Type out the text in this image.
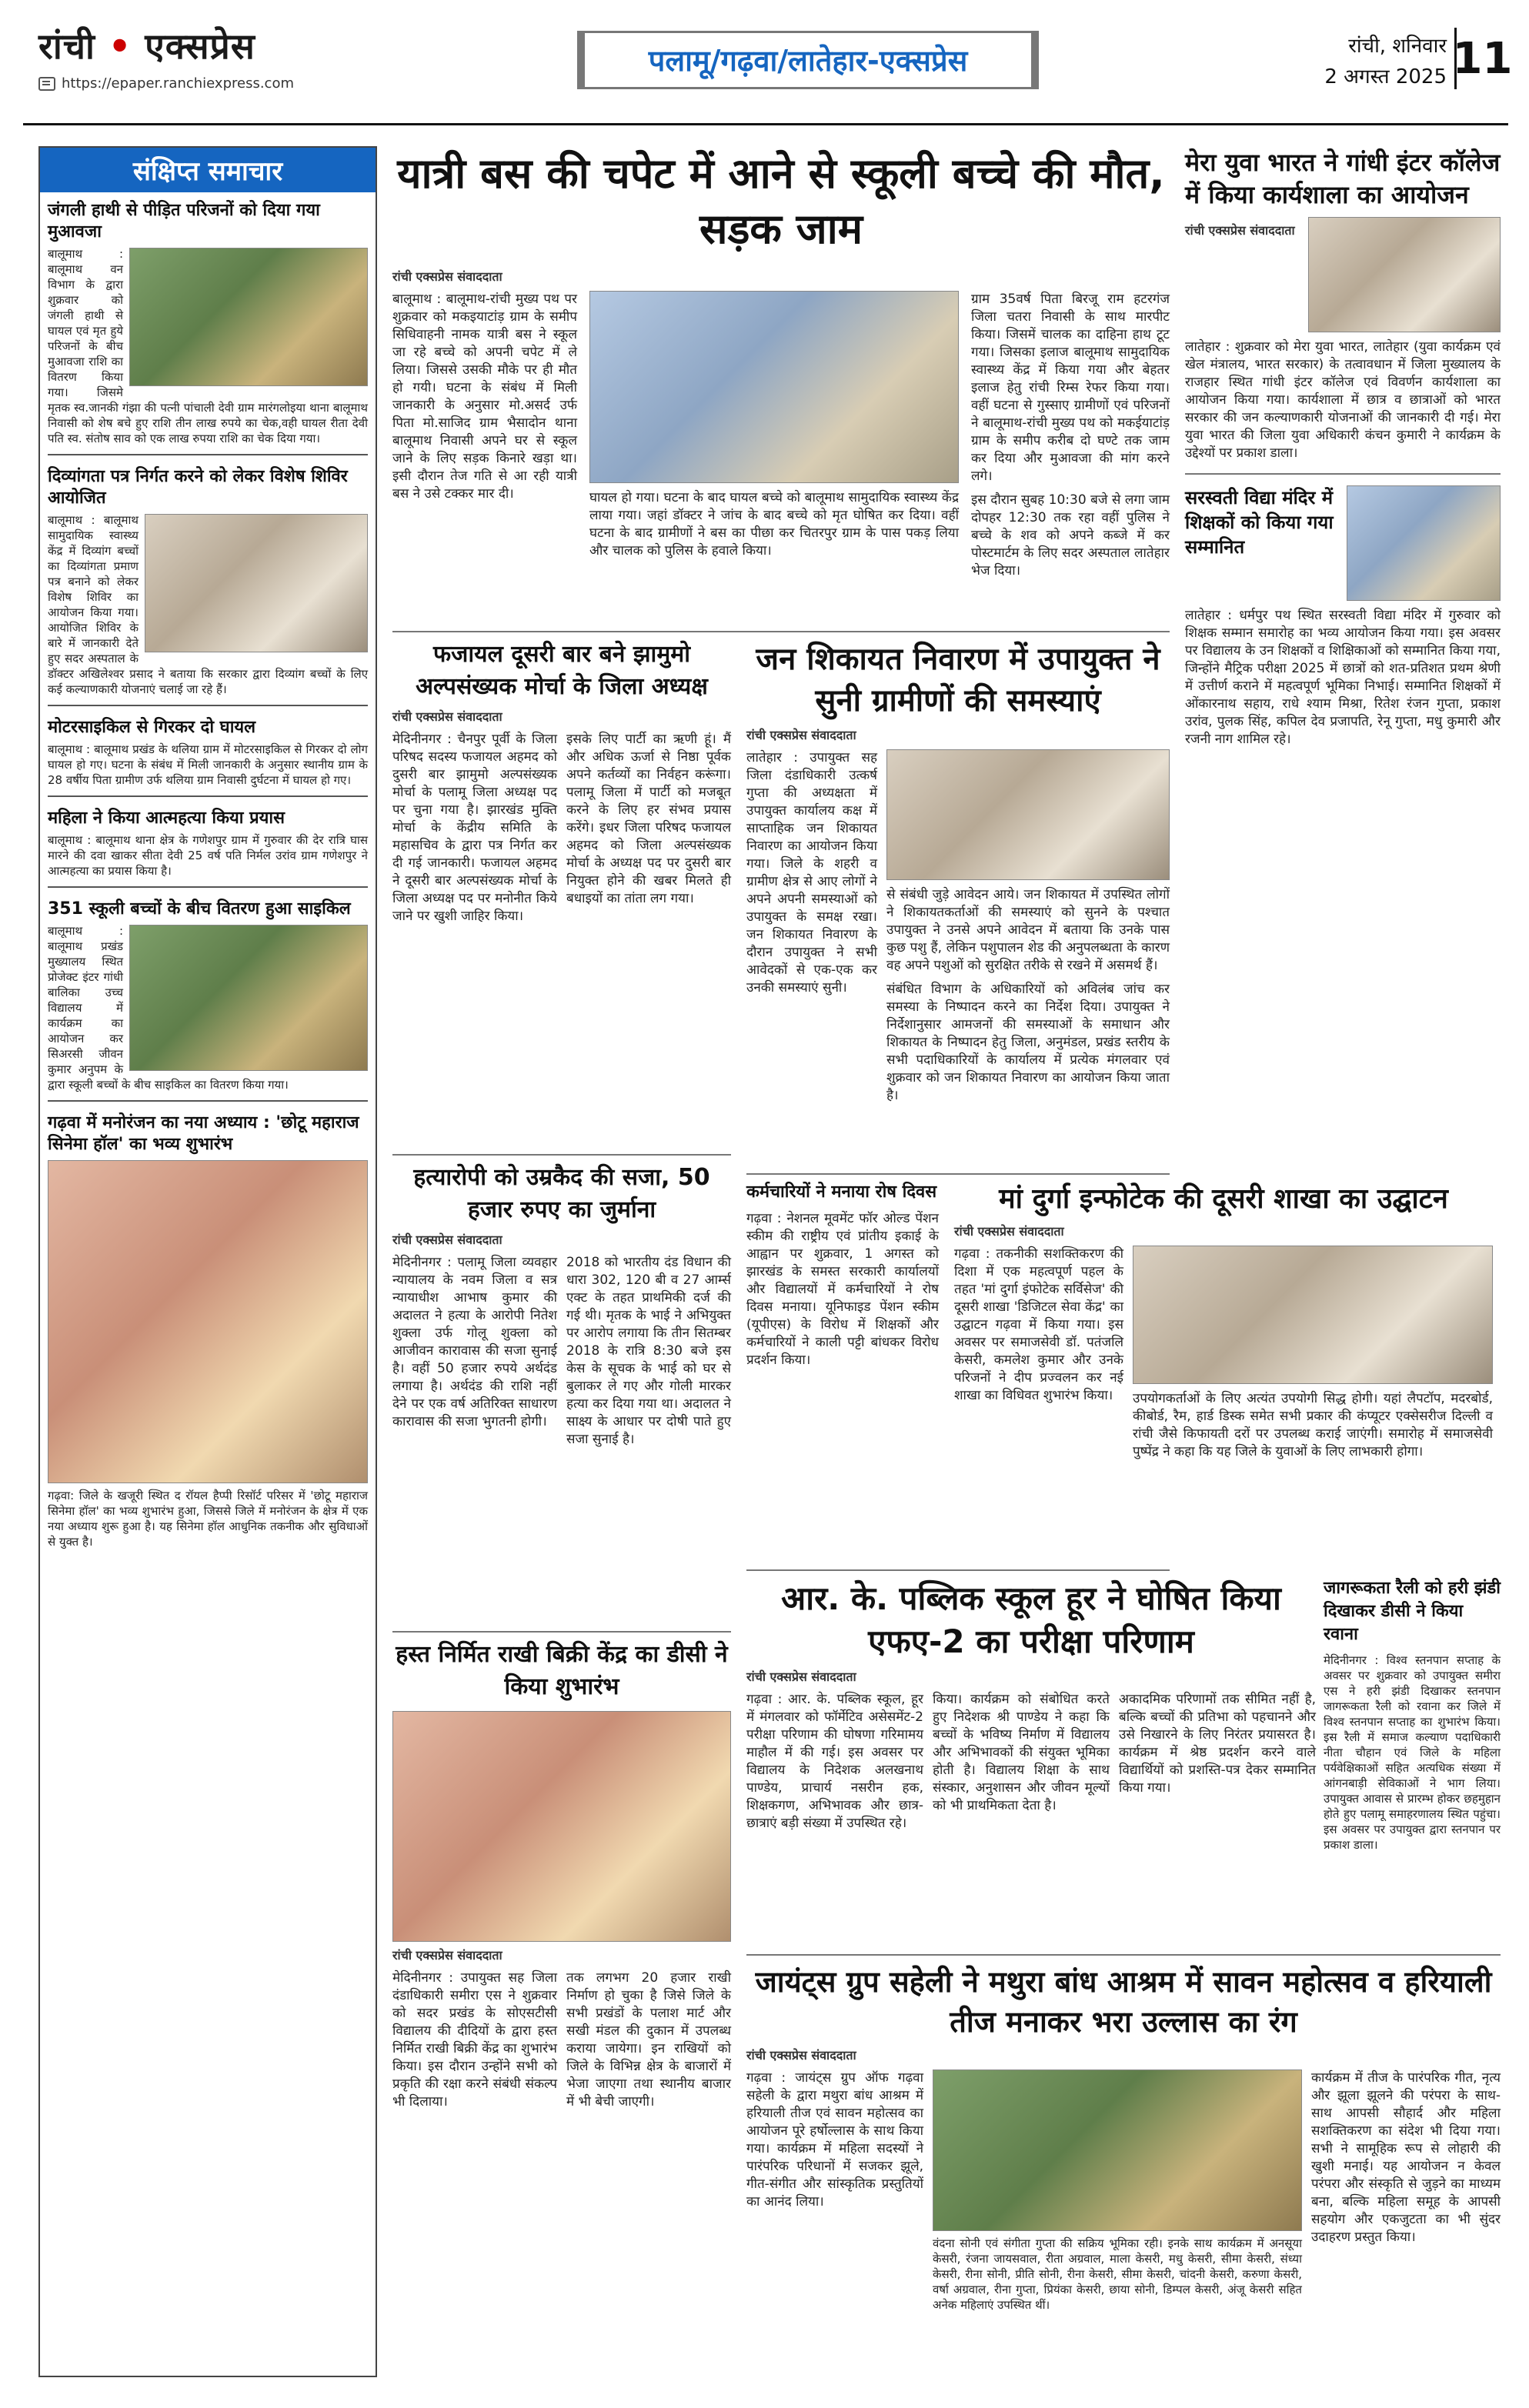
रांची • एक्सप्रेस
https://epaper.ranchiexpress.com
पलामू/गढ़वा/लातेहार-एक्सप्रेस	रांची, शनिवार
2 अगस्त 2025 11
संक्षिप्त समाचार
जंगली हाथी से पीड़ित परिजनों को दिया गया मुआवजा
बालूमाथ : बालूमाथ वन विभाग के द्वारा शुक्रवार को जंगली हाथी से घायल एवं मृत हुये परिजनों के बीच मुआवजा राशि का वितरण किया गया। जिसमे मृतक स्व.जानकी गंझा की पत्नी पांचाली देवी ग्राम मारंगलोइया थाना बालूमाथ निवासी को शेष बचे हुए राशि तीन लाख रुपये का चेक,वही घायल रीता देवी पति स्व. संतोष साव को एक लाख रुपया राशि का चेक दिया गया।
दिव्यांगता पत्र निर्गत करने को लेकर विशेष शिविर आयोजित
बालूमाथ : बालूमाथ सामुदायिक स्वास्थ्य केंद्र में दिव्यांग बच्चों का दिव्यांगता प्रमाण पत्र बनाने को लेकर विशेष शिविर का आयोजन किया गया। आयोजित शिविर के बारे में जानकारी देते हुए सदर अस्पताल के डॉक्टर अखिलेश्वर प्रसाद ने बताया कि सरकार द्वारा दिव्यांग बच्चों के लिए कई कल्याणकारी योजनाएं चलाई जा रहे हैं।
मोटरसाइकिल से गिरकर दो घायल
बालूमाथ : बालूमाथ प्रखंड के थलिया ग्राम में मोटरसाइकिल से गिरकर दो लोग घायल हो गए। घटना के संबंध में मिली जानकारी के अनुसार स्थानीय ग्राम के 28 वर्षीय पिता ग्रामीण उर्फ थलिया ग्राम निवासी दुर्घटना में घायल हो गए।
महिला ने किया आत्महत्या किया प्रयास
बालूमाथ : बालूमाथ थाना क्षेत्र के गणेशपुर ग्राम में गुरुवार की देर रात्रि घास मारने की दवा खाकर सीता देवी 25 वर्ष पति निर्मल उरांव ग्राम गणेशपुर ने आत्महत्या का प्रयास किया है।
351 स्कूली बच्चों के बीच वितरण हुआ साइकिल
बालूमाथ : बालूमाथ प्रखंड मुख्यालय स्थित प्रोजेक्ट इंटर गांधी बालिका उच्च विद्यालय में कार्यक्रम का आयोजन कर सिअरसी जीवन कुमार अनुपम के द्वारा स्कूली बच्चों के बीच साइकिल का वितरण किया गया।
गढ़वा में मनोरंजन का नया अध्याय : 'छोटू महाराज सिनेमा हॉल' का भव्य शुभारंभ
गढ़वा: जिले के खजूरी स्थित द रॉयल हैप्पी रिसॉर्ट परिसर में 'छोटू महाराज सिनेमा हॉल' का भव्य शुभारंभ हुआ, जिससे जिले में मनोरंजन के क्षेत्र में एक नया अध्याय शुरू हुआ है। यह सिनेमा हॉल आधुनिक तकनीक और सुविधाओं से युक्त है।
यात्री बस की चपेट में आने से स्कूली बच्चे की मौत, सड़क जाम
रांची एक्सप्रेस संवाददाता
बालूमाथ : बालूमाथ-रांची मुख्य पथ पर शुक्रवार को मकइयाटांड़ ग्राम के समीप सिधिवाहनी नामक यात्री बस ने स्कूल जा रहे बच्चे को अपनी चपेट में ले लिया। जिससे उसकी मौके पर ही मौत हो गयी। घटना के संबंध में मिली जानकारी के अनुसार मो.असर्द उर्फ पिता मो.साजिद ग्राम भैसादोन थाना बालूमाथ निवासी अपने घर से स्कूल जाने के लिए सड़क किनारे खड़ा था। इसी दौरान तेज गति से आ रही यात्री बस ने उसे टक्कर मार दी।	घायल हो गया। घटना के बाद घायल बच्चे को बालूमाथ सामुदायिक स्वास्थ्य केंद्र लाया गया। जहां डॉक्टर ने जांच के बाद बच्चे को मृत घोषित कर दिया। वहीं घटना के बाद ग्रामीणों ने बस का पीछा कर चितरपुर ग्राम के पास पकड़ लिया और चालक को पुलिस के हवाले किया।
ग्राम 35वर्ष पिता बिरजू राम हटरगंज जिला चतरा निवासी के साथ मारपीट किया। जिसमें चालक का दाहिना हाथ टूट गया। जिसका इलाज बालूमाथ सामुदायिक स्वास्थ्य केंद्र में किया गया और बेहतर इलाज हेतु रांची रिम्स रेफर किया गया। वहीं घटना से गुस्साए ग्रामीणों एवं परिजनों ने बालूमाथ-रांची मुख्य पथ को मकईयाटांड़ ग्राम के समीप करीब दो घण्टे तक जाम कर दिया और मुआवजा की मांग करने लगे।
इस दौरान सुबह 10:30 बजे से लगा जाम दोपहर 12:30 तक रहा वहीं पुलिस ने बच्चे के शव को अपने कब्जे में कर पोस्टमार्टम के लिए सदर अस्पताल लातेहार भेज दिया।
फजायल दूसरी बार बने झामुमो अल्पसंख्यक मोर्चा के जिला अध्यक्ष
रांची एक्सप्रेस संवाददाता
मेदिनीनगर : चैनपुर पूर्वी के जिला परिषद सदस्य फजायल अहमद को दुसरी बार झामुमो अल्पसंख्यक मोर्चा के पलामू जिला अध्यक्ष पद पर चुना गया है। झारखंड मुक्ति मोर्चा के केंद्रीय समिति के महासचिव के द्वारा पत्र निर्गत कर दी गई जानकारी। फजायल अहमद ने दूसरी बार अल्पसंख्यक मोर्चा के जिला अध्यक्ष पद पर मनोनीत किये जाने पर खुशी जाहिर किया।
इसके लिए पार्टी का ऋणी हूं। मैं और अधिक ऊर्जा से निष्ठा पूर्वक अपने कर्तव्यों का निर्वहन करूंगा। पलामू जिला में पार्टी को मजबूत करने के लिए हर संभव प्रयास करेंगे। इधर जिला परिषद फजायल अहमद को जिला अल्पसंख्यक मोर्चा के अध्यक्ष पद पर दुसरी बार नियुक्त होने की खबर मिलते ही बधाइयों का तांता लग गया।
जन शिकायत निवारण में उपायुक्त ने सुनी ग्रामीणों की समस्याएं
रांची एक्सप्रेस संवाददाता
लातेहार : उपायुक्त सह जिला दंडाधिकारी उत्कर्ष गुप्ता की अध्यक्षता में उपायुक्त कार्यालय कक्ष में साप्ताहिक जन शिकायत निवारण का आयोजन किया गया। जिले के शहरी व ग्रामीण क्षेत्र से आए लोगों ने अपने अपनी समस्याओं को उपायुक्त के समक्ष रखा। जन शिकायत निवारण के दौरान उपायुक्त ने सभी आवेदकों से एक-एक कर उनकी समस्याएं सुनी।
से संबंधी जुड़े आवेदन आये। जन शिकायत में उपस्थित लोगों ने शिकायतकर्ताओं की समस्याएं को सुनने के पश्चात उपायुक्त ने उनसे अपने आवेदन में बताया कि उनके पास कुछ पशु हैं, लेकिन पशुपालन शेड की अनुपलब्धता के कारण वह अपने पशुओं को सुरक्षित तरीके से रखने में असमर्थ हैं।
संबंधित विभाग के अधिकारियों को अविलंब जांच कर समस्या के निष्पादन करने का निर्देश दिया। उपायुक्त ने निर्देशानुसार आमजनों की समस्याओं के समाधान और शिकायत के निष्पादन हेतु जिला, अनुमंडल, प्रखंड स्तरीय के सभी पदाधिकारियों के कार्यालय में प्रत्येक मंगलवार एवं शुक्रवार को जन शिकायत निवारण का आयोजन किया जाता है।
हत्यारोपी को उम्रकैद की सजा, 50 हजार रुपए का जुर्माना
रांची एक्सप्रेस संवाददाता
मेदिनीनगर : पलामू जिला व्यवहार न्यायालय के नवम जिला व सत्र न्यायाधीश आभाष कुमार की अदालत ने हत्या के आरोपी नितेश शुक्ला उर्फ गोलू शुक्ला को आजीवन कारावास की सजा सुनाई है। वहीं 50 हजार रुपये अर्थदंड लगाया है। अर्थदंड की राशि नहीं देने पर एक वर्ष अतिरिक्त साधारण कारावास की सजा भुगतनी होगी।
2018 को भारतीय दंड विधान की धारा 302, 120 बी व 27 आर्म्स एक्ट के तहत प्राथमिकी दर्ज की गई थी। मृतक के भाई ने अभियुक्त पर आरोप लगाया कि तीन सितम्बर 2018 के रात्रि 8:30 बजे इस केस के सूचक के भाई को घर से बुलाकर ले गए और गोली मारकर हत्या कर दिया गया था। अदालत ने साक्ष्य के आधार पर दोषी पाते हुए सजा सुनाई है।
कर्मचारियों ने मनाया रोष दिवस
गढ़वा : नेशनल मूवमेंट फॉर ओल्ड पेंशन स्कीम की राष्ट्रीय एवं प्रांतीय इकाई के आह्वान पर शुक्रवार, 1 अगस्त को झारखंड के समस्त सरकारी कार्यालयों और विद्यालयों में कर्मचारियों ने रोष दिवस मनाया। यूनिफाइड पेंशन स्कीम (यूपीएस) के विरोध में शिक्षकों और कर्मचारियों ने काली पट्टी बांधकर विरोध प्रदर्शन किया।
मां दुर्गा इन्फोटेक की दूसरी शाखा का उद्घाटन
रांची एक्सप्रेस संवाददाता
गढ़वा : तकनीकी सशक्तिकरण की दिशा में एक महत्वपूर्ण पहल के तहत 'मां दुर्गा इंफोटेक सर्विसेज' की दूसरी शाखा 'डिजिटल सेवा केंद्र' का उद्घाटन गढ़वा में किया गया। इस अवसर पर समाजसेवी डॉ. पतंजलि केसरी, कमलेश कुमार और उनके परिजनों ने दीप प्रज्वलन कर नई शाखा का विधिवत शुभारंभ किया।	उपयोगकर्ताओं के लिए अत्यंत उपयोगी सिद्ध होगी। यहां लैपटॉप, मदरबोर्ड, कीबोर्ड, रैम, हार्ड डिस्क समेत सभी प्रकार की कंप्यूटर एक्सेसरीज दिल्ली व रांची जैसे किफायती दरों पर उपलब्ध कराई जाएंगी। समारोह में समाजसेवी पुष्पेंद्र ने कहा कि यह जिले के युवाओं के लिए लाभकारी होगा।
हस्त निर्मित राखी बिक्री केंद्र का डीसी ने किया शुभारंभ
रांची एक्सप्रेस संवाददाता
मेदिनीनगर : उपायुक्त सह जिला दंडाधिकारी समीरा एस ने शुक्रवार को सदर प्रखंड के सोएसटीसी विद्यालय की दीदियों के द्वारा हस्त निर्मित राखी बिक्री केंद्र का शुभारंभ किया। इस दौरान उन्होंने सभी को प्रकृति की रक्षा करने संबंधी संकल्प भी दिलाया।
तक लगभग 20 हजार राखी निर्माण हो चुका है जिसे जिले के सभी प्रखंडों के पलाश मार्ट और सखी मंडल की दुकान में उपलब्ध कराया जायेगा। इन राखियों को जिले के विभिन्न क्षेत्र के बाजारों में भेजा जाएगा तथा स्थानीय बाजार में भी बेची जाएगी।
आर. के. पब्लिक स्कूल हूर ने घोषित किया एफए-2 का परीक्षा परिणाम
रांची एक्सप्रेस संवाददाता
गढ़वा : आर. के. पब्लिक स्कूल, हूर में मंगलवार को फॉर्मेटिव असेसमेंट-2 परीक्षा परिणाम की घोषणा गरिमामय माहौल में की गई। इस अवसर पर विद्यालय के निदेशक अलखनाथ पाण्डेय, प्राचार्य नसरीन हक, शिक्षकगण, अभिभावक और छात्र-छात्राएं बड़ी संख्या में उपस्थित रहे।
किया। कार्यक्रम को संबोधित करते हुए निदेशक श्री पाण्डेय ने कहा कि बच्चों के भविष्य निर्माण में विद्यालय और अभिभावकों की संयुक्त भूमिका होती है। विद्यालय शिक्षा के साथ संस्कार, अनुशासन और जीवन मूल्यों को भी प्राथमिकता देता है।
अकादमिक परिणामों तक सीमित नहीं है, बल्कि बच्चों की प्रतिभा को पहचानने और उसे निखारने के लिए निरंतर प्रयासरत है। कार्यक्रम में श्रेष्ठ प्रदर्शन करने वाले विद्यार्थियों को प्रशस्ति-पत्र देकर सम्मानित किया गया।
जायंट्स ग्रुप सहेली ने मथुरा बांध आश्रम में सावन महोत्सव व हरियाली तीज मनाकर भरा उल्लास का रंग
रांची एक्सप्रेस संवाददाता
गढ़वा : जायंट्स ग्रुप ऑफ गढ़वा सहेली के द्वारा मथुरा बांध आश्रम में हरियाली तीज एवं सावन महोत्सव का आयोजन पूरे हर्षोल्लास के साथ किया गया। कार्यक्रम में महिला सदस्यों ने पारंपरिक परिधानों में सजकर झूले, गीत-संगीत और सांस्कृतिक प्रस्तुतियों का आनंद लिया।
वंदना सोनी एवं संगीता गुप्ता की सक्रिय भूमिका रही। इनके साथ कार्यक्रम में अनसूया केसरी, रंजना जायसवाल, रीता अग्रवाल, माला केसरी, मधु केसरी, सीमा केसरी, संध्या केसरी, रीना सोनी, प्रीति सोनी, रीना केसरी, सीमा केसरी, चांदनी केसरी, करुणा केसरी, वर्षा अग्रवाल, रीना गुप्ता, प्रियंका केसरी, छाया सोनी, डिम्पल केसरी, अंजू केसरी सहित अनेक महिलाएं उपस्थित थीं।
कार्यक्रम में तीज के पारंपरिक गीत, नृत्य और झूला झूलने की परंपरा के साथ-साथ आपसी सौहार्द और महिला सशक्तिकरण का संदेश भी दिया गया। सभी ने सामूहिक रूप से लोहारी की खुशी मनाई। यह आयोजन न केवल परंपरा और संस्कृति से जुड़ने का माध्यम बना, बल्कि महिला समूह के आपसी सहयोग और एकजुटता का भी सुंदर उदाहरण प्रस्तुत किया।
मेरा युवा भारत ने गांधी इंटर कॉलेज में किया कार्यशाला का आयोजन
रांची एक्सप्रेस संवाददाता
लातेहार : शुक्रवार को मेरा युवा भारत, लातेहार (युवा कार्यक्रम एवं खेल मंत्रालय, भारत सरकार) के तत्वावधान में जिला मुख्यालय के राजहार स्थित गांधी इंटर कॉलेज एवं विवर्णन कार्यशाला का आयोजन किया गया। कार्यशाला में छात्र व छात्राओं को भारत सरकार की जन कल्याणकारी योजनाओं की जानकारी दी गई। मेरा युवा भारत की जिला युवा अधिकारी कंचन कुमारी ने कार्यक्रम के उद्देश्यों पर प्रकाश डाला।
सरस्वती विद्या मंदिर में शिक्षकों को किया गया सम्मानित
लातेहार : धर्मपुर पथ स्थित सरस्वती विद्या मंदिर में गुरुवार को शिक्षक सम्मान समारोह का भव्य आयोजन किया गया। इस अवसर पर विद्यालय के उन शिक्षकों व शिक्षिकाओं को सम्मानित किया गया, जिन्होंने मैट्रिक परीक्षा 2025 में छात्रों को शत-प्रतिशत प्रथम श्रेणी में उत्तीर्ण कराने में महत्वपूर्ण भूमिका निभाई। सम्मानित शिक्षकों में ओंकारनाथ सहाय, राधे श्याम मिश्रा, रितेश रंजन गुप्ता, प्रकाश उरांव, पुलक सिंह, कपिल देव प्रजापति, रेनू गुप्ता, मधु कुमारी और रजनी नाग शामिल रहे।
जागरूकता रैली को हरी झंडी दिखाकर डीसी ने किया रवाना
मेदिनीनगर : विश्व स्तनपान सप्ताह के अवसर पर शुक्रवार को उपायुक्त समीरा एस ने हरी झंडी दिखाकर स्तनपान जागरूकता रैली को रवाना कर जिले में विश्व स्तनपान सप्ताह का शुभारंभ किया। इस रैली में समाज कल्याण पदाधिकारी नीता चौहान एवं जिले के महिला पर्यवेक्षिकाओं सहित अत्यधिक संख्या में आंगनबाड़ी सेविकाओं ने भाग लिया। उपायुक्त आवास से प्रारम्भ होकर छहमुहान होते हुए पलामू समाहरणालय स्थित पहुंचा। इस अवसर पर उपायुक्त द्वारा स्तनपान पर प्रकाश डाला।
